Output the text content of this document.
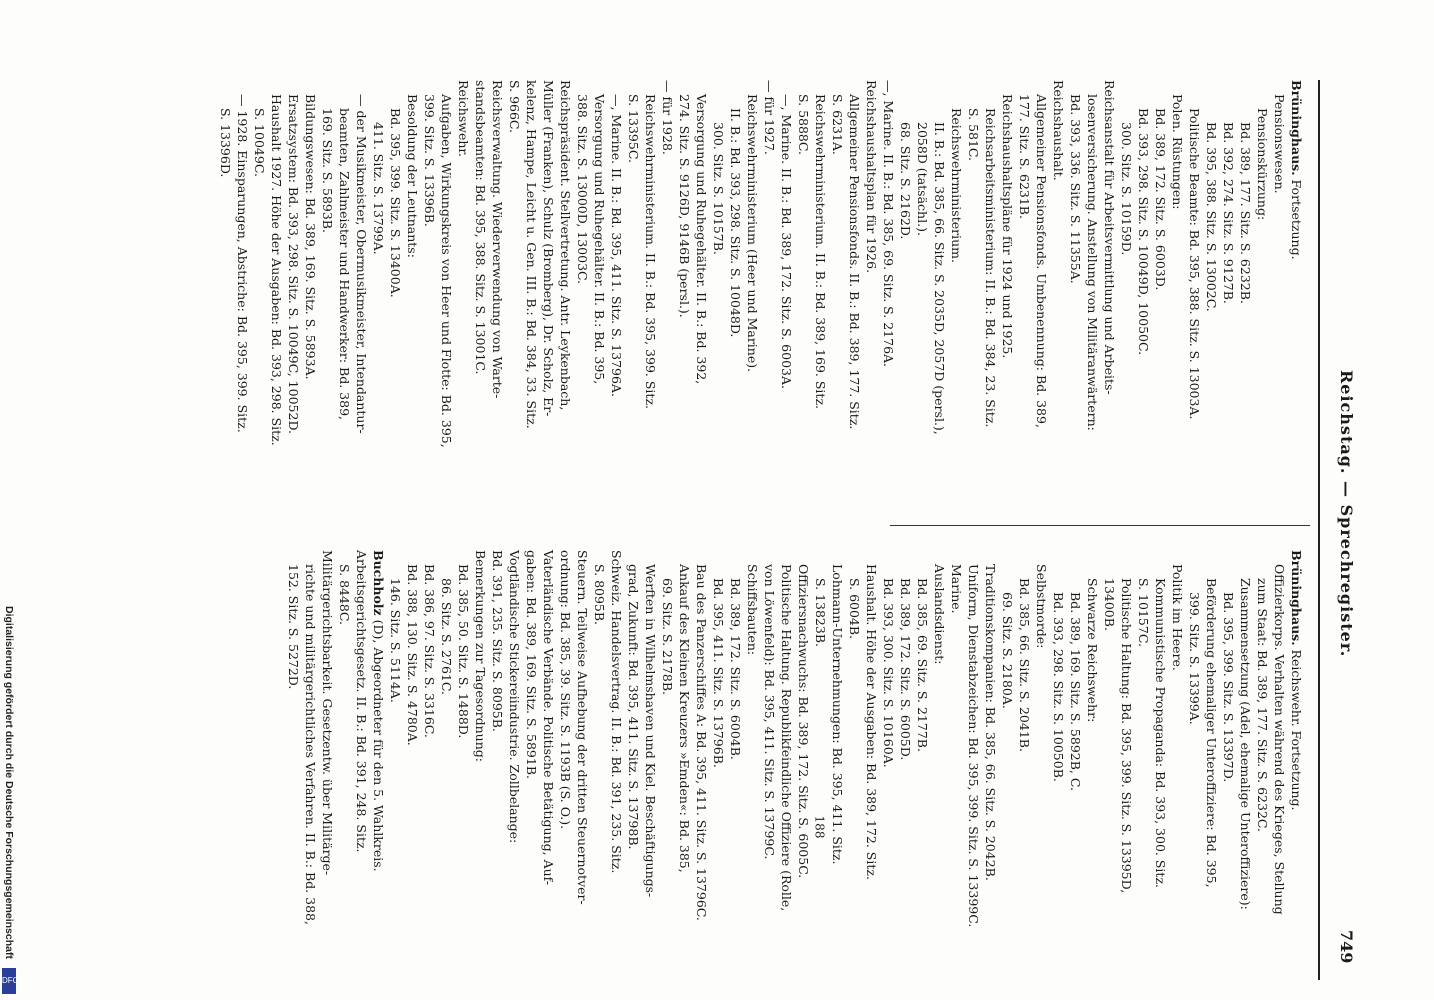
Reichstag. — Sprechregister.
749

Brüninghaus. Fortsetzung.

Pensionswesen.

Pensionskürzung:

Bd. 389, 177. Sitz. S. 6232B.

Bd. 392, 274. Sitz. S. 9127B.

Bd. 395, 388. Sitz. S. 13002C.

Politische Beamte: Bd. 395, 388. Sitz. S. 13003A.

Polen. Rüstungen:

Bd. 389, 172. Sitz. S. 6003D.

Bd. 393, 298. Sitz. S. 10049D, 10050C.

300. Sitz. S. 10159D.

Reichsanstalt für Arbeitsvermittlung und Arbeits-

losenversicherung. Anstellung von Militäranwärtern:

Bd. 393, 336. Sitz. S. 11355A.

Reichshaushalt.

Allgemeiner Pensionsfonds. Umbenennung: Bd. 389,

177. Sitz. S. 6231B.

Reichshaushaltspläne für 1924 und 1925.

Reichsarbeitsministerium: II. B.: Bd. 384, 23. Sitz.

S. 581C.

Reichswehrministerium.

II. B.: Bd. 385, 66. Sitz. S. 2035D, 2057D (persl.),

2058D (tatsächl.).

68. Sitz. S. 2162D.

—, Marine. II. B.: Bd. 385, 69. Sitz. S. 2176A.

Reichshaushaltsplan für 1926.

Allgemeiner Pensionsfonds. II. B.: Bd. 389, 177. Sitz.

S. 6231A.

Reichswehrministerium. II. B.: Bd. 389, 169. Sitz.

S. 5888C.

—, Marine. II. B.: Bd. 389, 172. Sitz. S. 6003A.

— für 1927.

Reichswehrministerium (Heer und Marine).

II. B.: Bd. 393, 298. Sitz. S. 10048D.

300. Sitz. S. 10157B.

Versorgung und Ruhegehälter. II. B.: Bd. 392,

274. Sitz. S. 9126D, 9146B (persl.).

— für 1928.

Reichswehrministerium. II. B.: Bd. 395, 399. Sitz.

S. 13395C.

—, Marine. II. B.: Bd. 395, 411. Sitz. S. 13796A.

Versorgung und Ruhegehälter. II. B.: Bd. 395,

388. Sitz. S. 13000D, 13003C.

Reichspräsident. Stellvertretung. Antr. Leykenbach,

Müller (Franken), Schulz (Bromberg), Dr. Scholz, Er-

kelenz, Hampe, Leicht u. Gen. III. B.: Bd. 384, 33. Sitz.

S. 966C.

Reichsverwaltung. Wiederverwendung von Warte-

standsbeamten: Bd. 395, 388. Sitz. S. 13001C.

Reichswehr.

Aufgaben, Wirkungskreis von Heer und Flotte: Bd. 395,

399. Sitz. S. 13396B.

Besoldung der Leutnants:

Bd. 395, 399. Sitz. S. 13400A.

411. Sitz. S. 13799A.

— der Musikmeister, Obermusikmeister, Intendantur-

beamten, Zahlmeister und Handwerker: Bd. 389,

169. Sitz. S. 5893B.

Bildungswesen: Bd. 389, 169. Sitz. S. 5893A.

Ersatzsystem: Bd. 393, 298. Sitz. S. 10049C, 10052D.

Haushalt 1927. Höhe der Ausgaben: Bd. 393, 298. Sitz.

S. 10049C.

— 1928. Einsparungen, Abstriche: Bd. 395, 399. Sitz.

S. 13396D.

Brüninghaus. Reichswehr. Fortsetzung.

Offizierkorps. Verhalten während des Krieges, Stellung

zum Staat: Bd. 389, 177. Sitz. S. 6232C.

Zusammensetzung (Adel, ehemalige Unteroffiziere):

Bd. 395, 399. Sitz. S. 13397D.

Beförderung ehemaliger Unteroffiziere: Bd. 395,

399. Sitz. S. 13399A.

Politik im Heere.

Kommunistische Propaganda: Bd. 393, 300. Sitz.

S. 10157C.

Politische Haltung: Bd. 395, 399. Sitz. S. 13395D,

13400B.

Schwarze Reichswehr:

Bd. 389, 169. Sitz. S. 5892B, C.

Bd. 393, 298. Sitz. S. 10050B.

Selbstmorde:

Bd. 385, 66. Sitz. S. 2041B.

69. Sitz. S. 2180A.

Traditionskompanien: Bd. 385, 66. Sitz. S. 2042B.

Uniform, Dienstabzeichen: Bd. 395, 399. Sitz. S. 13399C.

Marine.

Auslandsdienst:

Bd. 385, 69. Sitz. S. 2177B.

Bd. 389, 172. Sitz. S. 6005D.

Bd. 393, 300. Sitz. S. 10160A.

Haushalt. Höhe der Ausgaben: Bd. 389, 172. Sitz.

S. 6004B.

Lohmann-Unternehmungen: Bd. 395, 411. Sitz.

S. 13823B.

Offiziersnachwuchs: Bd. 389, 172. Sitz. S. 6005C.

Politische Haltung. Republikfeindliche Offiziere (Rolle,

von Löwenfeld): Bd. 395, 411. Sitz. S. 13799C.

Schiffsbauten:

Bd. 389, 172. Sitz. S. 6004B.

Bd. 395, 411. Sitz. S. 13796B.

Bau des Panzerschiffes A: Bd. 395, 411. Sitz. S. 13796C.

Ankauf des Kleinen Kreuzers »Emden«: Bd. 385,

69. Sitz. S. 2178B.

Werften in Wilhelmshaven und Kiel. Beschäftigungs-

grad, Zukunft: Bd. 395, 411. Sitz. S. 13798B.

Schweiz. Handelsvertrag. II. B.: Bd. 391, 235. Sitz.

S. 8095B.

Steuern. Teilweise Aufhebung der dritten Steuernotver-

ordnung: Bd. 385, 39. Sitz. S. 1193B (S. O.).

Vaterländische Verbände. Politische Betätigung, Auf-

gaben: Bd. 389, 169. Sitz. S. 5891B.

Vogtländische Stickereiindustrie. Zollbelange:

Bd. 391, 235. Sitz. S. 8095B.

Bemerkungen zur Tagesordnung:

Bd. 385, 50. Sitz. S. 1488D.

86. Sitz. S. 2761C.

Bd. 386, 97. Sitz. S. 3316C.

Bd. 388, 130. Sitz. S. 4780A.

146. Sitz. S. 5114A.

Buchholz (D), Abgeordneter für den 5. Wahlkreis.

Arbeitsgerichtsgesetz. II. B.: Bd. 391, 248. Sitz.

S. 8448C.

Militärgerichtsbarkeit. Gesetzentw. über Militärge-

richte und militärgerichtliches Verfahren. II. B.: Bd. 388,

152. Sitz. S. 5272D.

188
Digitalisierung gefördert durch die Deutsche Forschungsgemeinschaft
DFG
